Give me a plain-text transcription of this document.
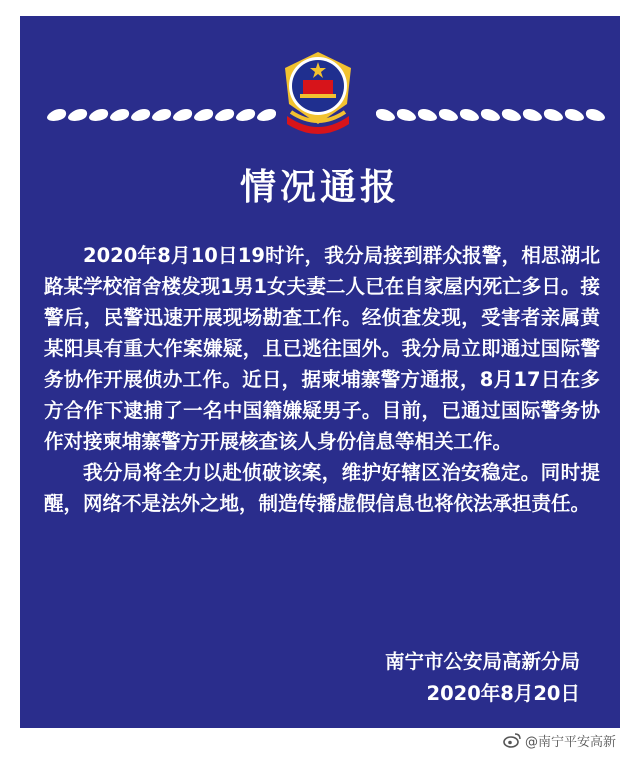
情况通报

2020年8月10日19时许，我分局接到群众报警，相思湖北路某学校宿舍楼发现1男1女夫妻二人已在自家屋内死亡多日。接警后，民警迅速开展现场勘查工作。经侦查发现，受害者亲属黄某阳具有重大作案嫌疑，且已逃往国外。我分局立即通过国际警务协作开展侦办工作。近日，据柬埔寨警方通报，8月17日在多方合作下逮捕了一名中国籍嫌疑男子。目前，已通过国际警务协作对接柬埔寨警方开展核查该人身份信息等相关工作。

我分局将全力以赴侦破该案，维护好辖区治安稳定。同时提醒，网络不是法外之地，制造传播虚假信息也将依法承担责任。

南宁市公安局高新分局
2020年8月20日
@南宁平安高新
